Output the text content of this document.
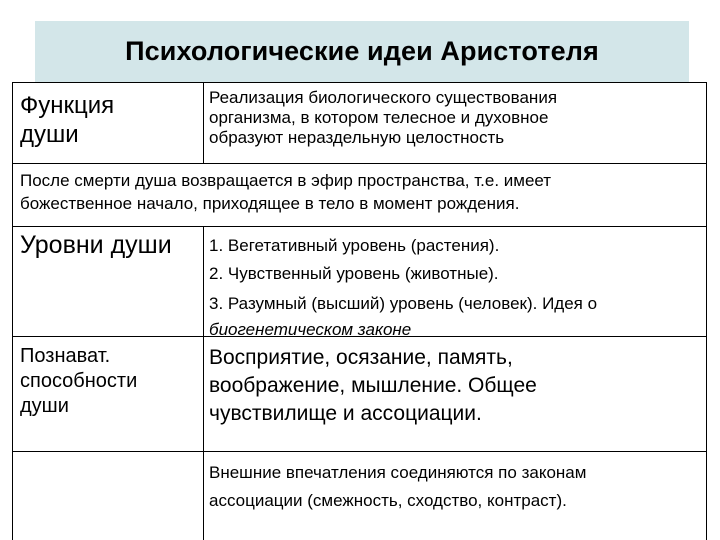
Психологические идеи Аристотеля

Функция

души

Реализация биологического существования

организма, в котором телесное и духовное

образуют нераздельную целостность

После смерти душа возвращается в эфир пространства, т.е. имеет

божественное начало, приходящее в тело в момент рождения.

Уровни души	1. Вегетативный уровень (растения).

2. Чувственный уровень (животные).

3. Разумный (высший) уровень (человек). Идея о

биогенетическом законе

Познават.

способности

души

Восприятие, осязание, память,

воображение, мышление. Общее

чувствилище и ассоциации.

Внешние впечатления соединяются по законам

ассоциации (смежность, сходство, контраст).
